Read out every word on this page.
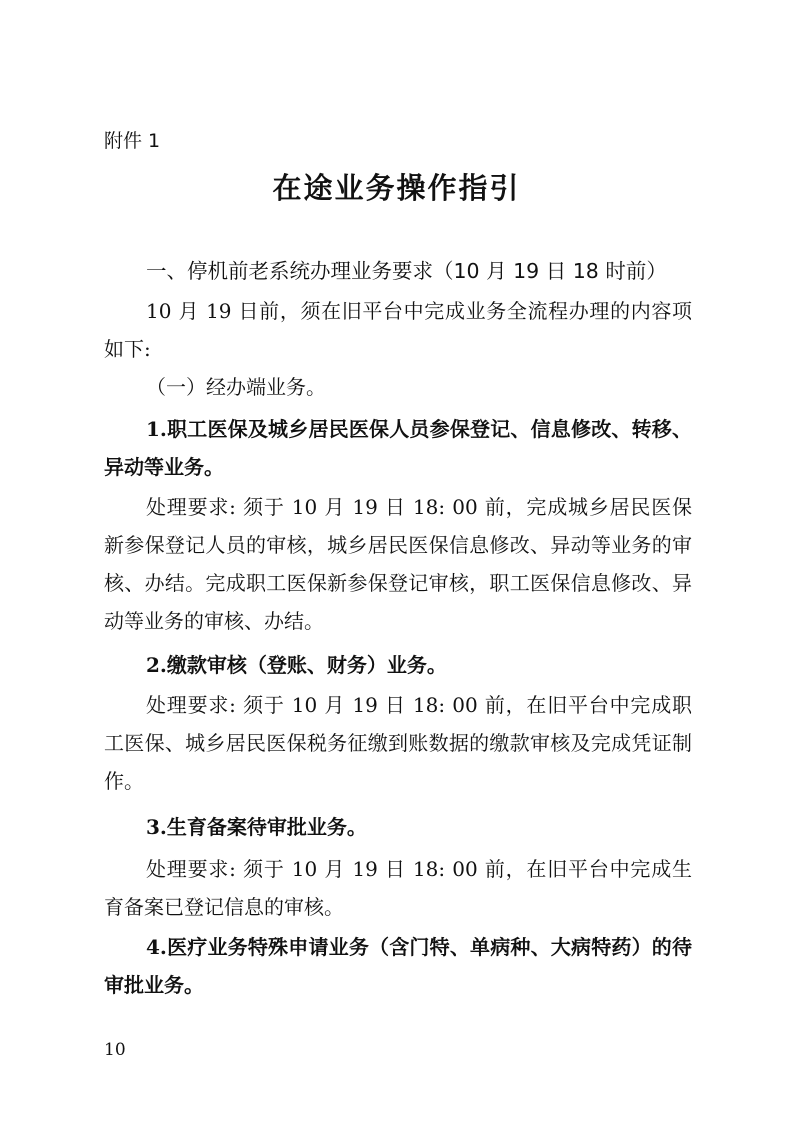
附件 1

在途业务操作指引

一、停机前老系统办理业务要求（10 月 19 日 18 时前）

10 月 19 日前，须在旧平台中完成业务全流程办理的内容项如下:

（一）经办端业务。

1.职工医保及城乡居民医保人员参保登记、信息修改、转移、异动等业务。

处理要求: 须于 10 月 19 日 18: 00 前，完成城乡居民医保新参保登记人员的审核，城乡居民医保信息修改、异动等业务的审核、办结。完成职工医保新参保登记审核，职工医保信息修改、异动等业务的审核、办结。

2.缴款审核（登账、财务）业务。

处理要求: 须于 10 月 19 日 18: 00 前，在旧平台中完成职工医保、城乡居民医保税务征缴到账数据的缴款审核及完成凭证制作。

3.生育备案待审批业务。

处理要求: 须于 10 月 19 日 18: 00 前，在旧平台中完成生育备案已登记信息的审核。

4.医疗业务特殊申请业务（含门特、单病种、大病特药）的待审批业务。

10
